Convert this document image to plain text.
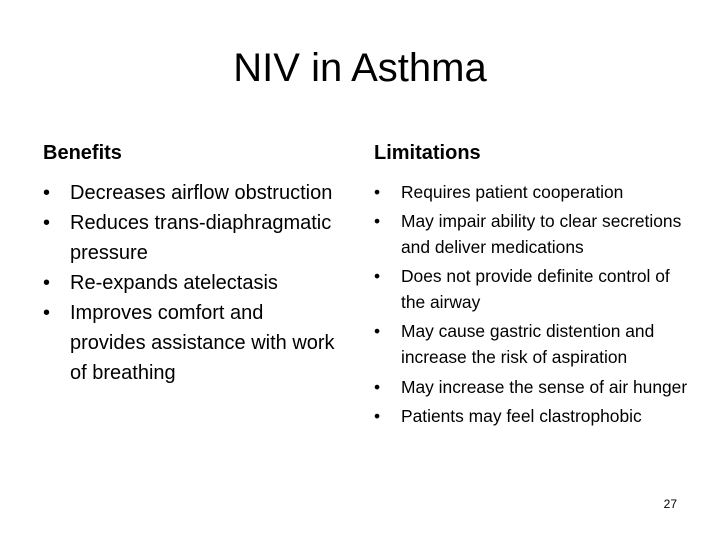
NIV in Asthma
Benefits
• Decreases airflow obstruction
• Reduces trans-diaphragmatic pressure
• Re-expands atelectasis
• Improves comfort and provides assistance with work of breathing
Limitations
• Requires patient cooperation
• May impair ability to clear secretions and deliver medications
• Does not provide definite control of the airway
• May cause gastric distention and increase the risk of aspiration
• May increase the sense of air hunger
• Patients may feel clastrophobic
27
